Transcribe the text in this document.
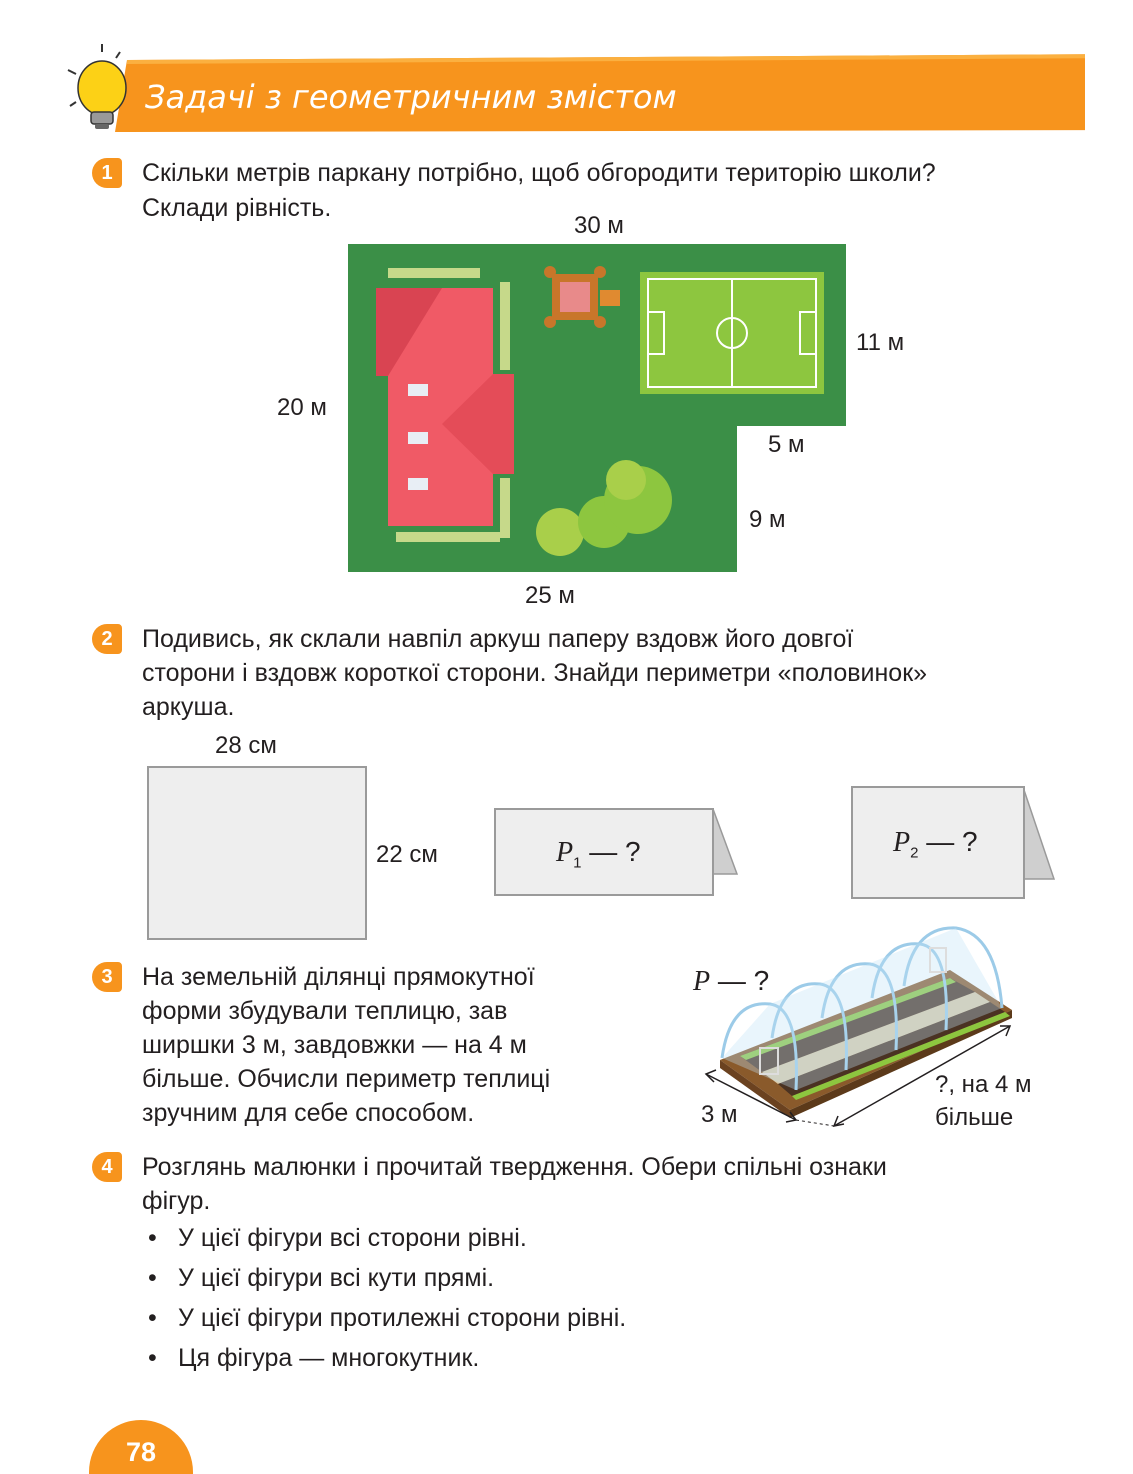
Задачі з геометричним змістом
1	Скільки метрів паркану потрібно, щоб обгородити територію школи?
Склади рівність.
30 м
20 м
11 м
5 м
9 м
25 м
2	Подивись, як склали навпіл аркуш паперу вздовж його довгої
сторони і вздовж короткої сторони. Знайди периметри «половинок»
аркуша.
28 см
22 см	$P_1$ — ?	$P_2$ — ?
3	На земельній ділянці прямокутної
форми збудували теплицю, зав
ширшки 3 м, завдовжки — на 4 м
більше. Обчисли периметр теплиці
зручним для себе способом.
P — ?
3 м
?, на 4 м
більше
4	Розглянь малюнки і прочитай твердження. Обери спільні ознаки
фігур.
• У цієї фігури всі сторони рівні.
• У цієї фігури всі кути прямі.
• У цієї фігури протилежні сторони рівні.
• Ця фігура — многокутник.
78
